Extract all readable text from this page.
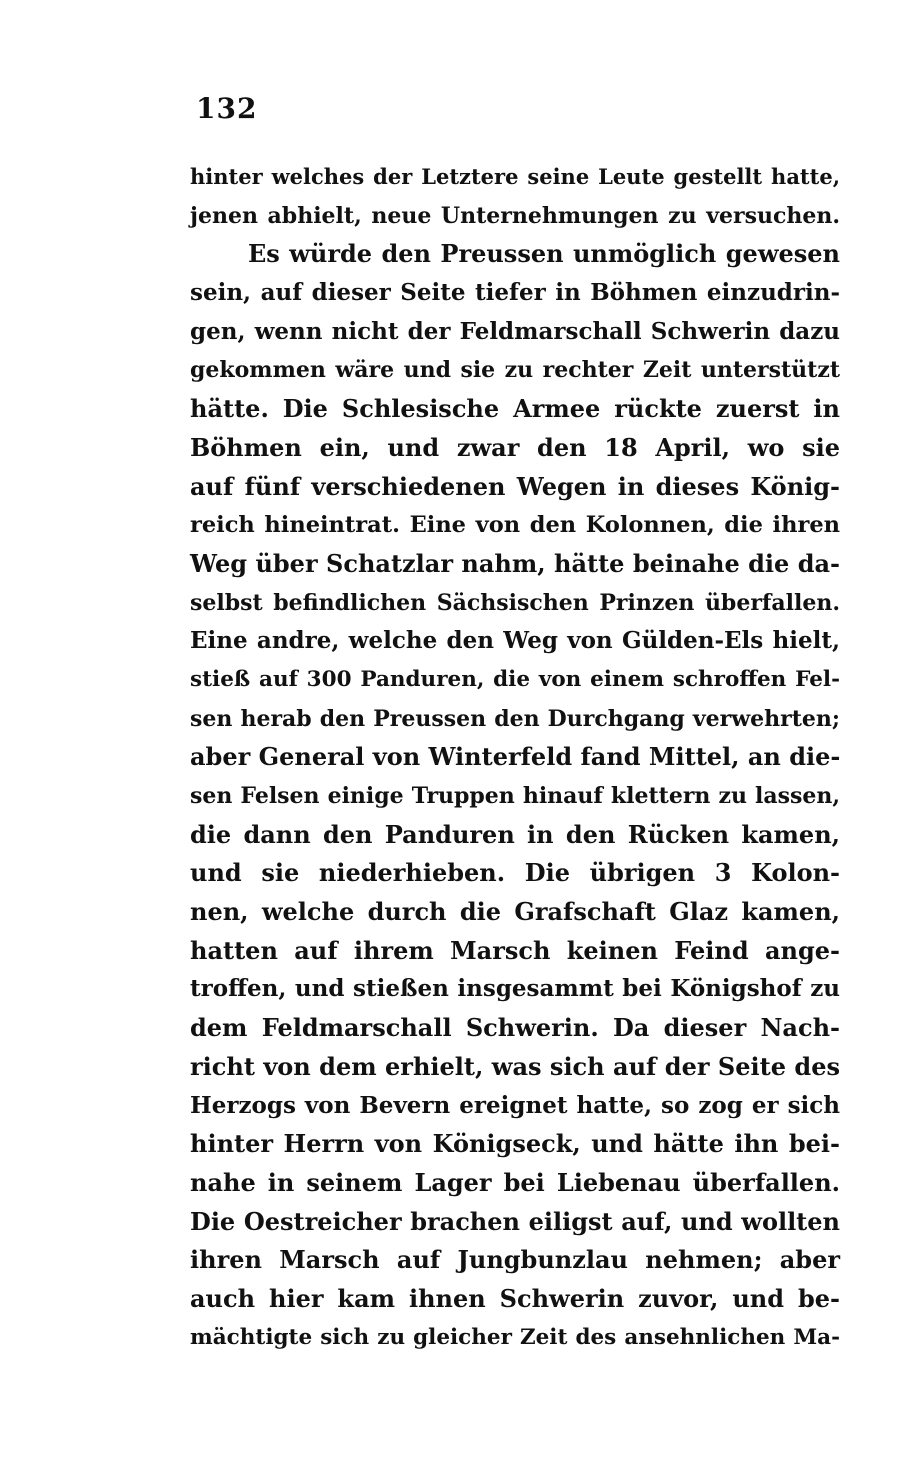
132
hinter welches der Letztere seine Leute gestellt hatte,
jenen abhielt, neue Unternehmungen zu versuchen.
Es würde den Preussen unmöglich gewesen
sein, auf dieser Seite tiefer in Böhmen einzudrin-
gen, wenn nicht der Feldmarschall Schwerin dazu
gekommen wäre und sie zu rechter Zeit unterstützt
hätte. Die Schlesische Armee rückte zuerst in
Böhmen ein, und zwar den 18 April, wo sie
auf fünf verschiedenen Wegen in dieses König-
reich hineintrat. Eine von den Kolonnen, die ihren
Weg über Schatzlar nahm, hätte beinahe die da-
selbst befindlichen Sächsischen Prinzen überfallen.
Eine andre, welche den Weg von Gülden-Els hielt,
stieß auf 300 Panduren, die von einem schroffen Fel-
sen herab den Preussen den Durchgang verwehrten;
aber General von Winterfeld fand Mittel, an die-
sen Felsen einige Truppen hinauf klettern zu lassen,
die dann den Panduren in den Rücken kamen,
und sie niederhieben. Die übrigen 3 Kolon-
nen, welche durch die Grafschaft Glaz kamen,
hatten auf ihrem Marsch keinen Feind ange-
troffen, und stießen insgesammt bei Königshof zu
dem Feldmarschall Schwerin. Da dieser Nach-
richt von dem erhielt, was sich auf der Seite des
Herzogs von Bevern ereignet hatte, so zog er sich
hinter Herrn von Königseck, und hätte ihn bei-
nahe in seinem Lager bei Liebenau überfallen.
Die Oestreicher brachen eiligst auf, und wollten
ihren Marsch auf Jungbunzlau nehmen; aber
auch hier kam ihnen Schwerin zuvor, und be-
mächtigte sich zu gleicher Zeit des ansehnlichen Ma-
